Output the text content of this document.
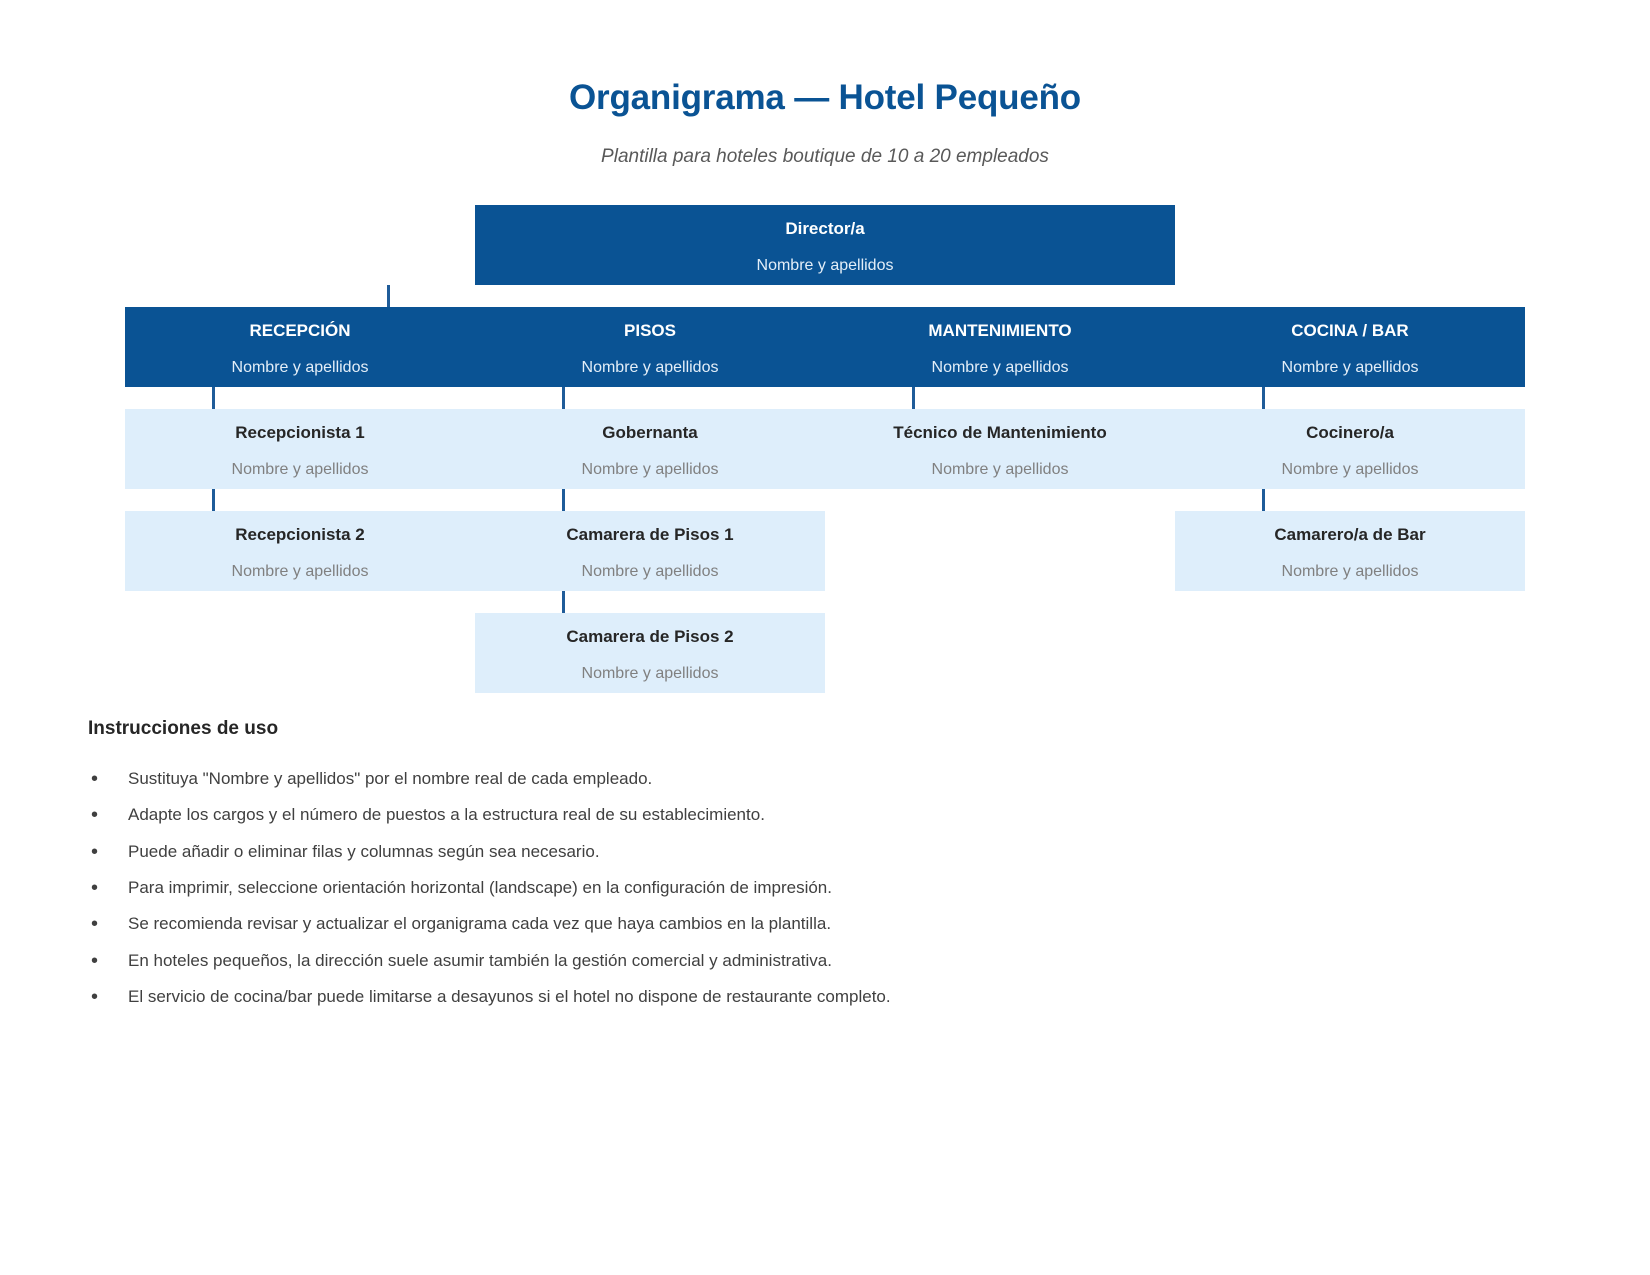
Organigrama — Hotel Pequeño

Plantilla para hoteles boutique de 10 a 20 empleados

Director/a
Nombre y apellidos
RECEPCIÓN
Nombre y apellidos
PISOS
Nombre y apellidos
MANTENIMIENTO
Nombre y apellidos
COCINA / BAR
Nombre y apellidos
Recepcionista 1
Nombre y apellidos
Gobernanta
Nombre y apellidos
Técnico de Mantenimiento
Nombre y apellidos
Cocinero/a
Nombre y apellidos
Recepcionista 2
Nombre y apellidos
Camarera de Pisos 1
Nombre y apellidos
Camarero/a de Bar
Nombre y apellidos
Camarera de Pisos 2
Nombre y apellidos
Instrucciones de uso
• Sustituya "Nombre y apellidos" por el nombre real de cada empleado.
• Adapte los cargos y el número de puestos a la estructura real de su establecimiento.
• Puede añadir o eliminar filas y columnas según sea necesario.
• Para imprimir, seleccione orientación horizontal (landscape) en la configuración de impresión.
• Se recomienda revisar y actualizar el organigrama cada vez que haya cambios en la plantilla.
• En hoteles pequeños, la dirección suele asumir también la gestión comercial y administrativa.
• El servicio de cocina/bar puede limitarse a desayunos si el hotel no dispone de restaurante completo.
